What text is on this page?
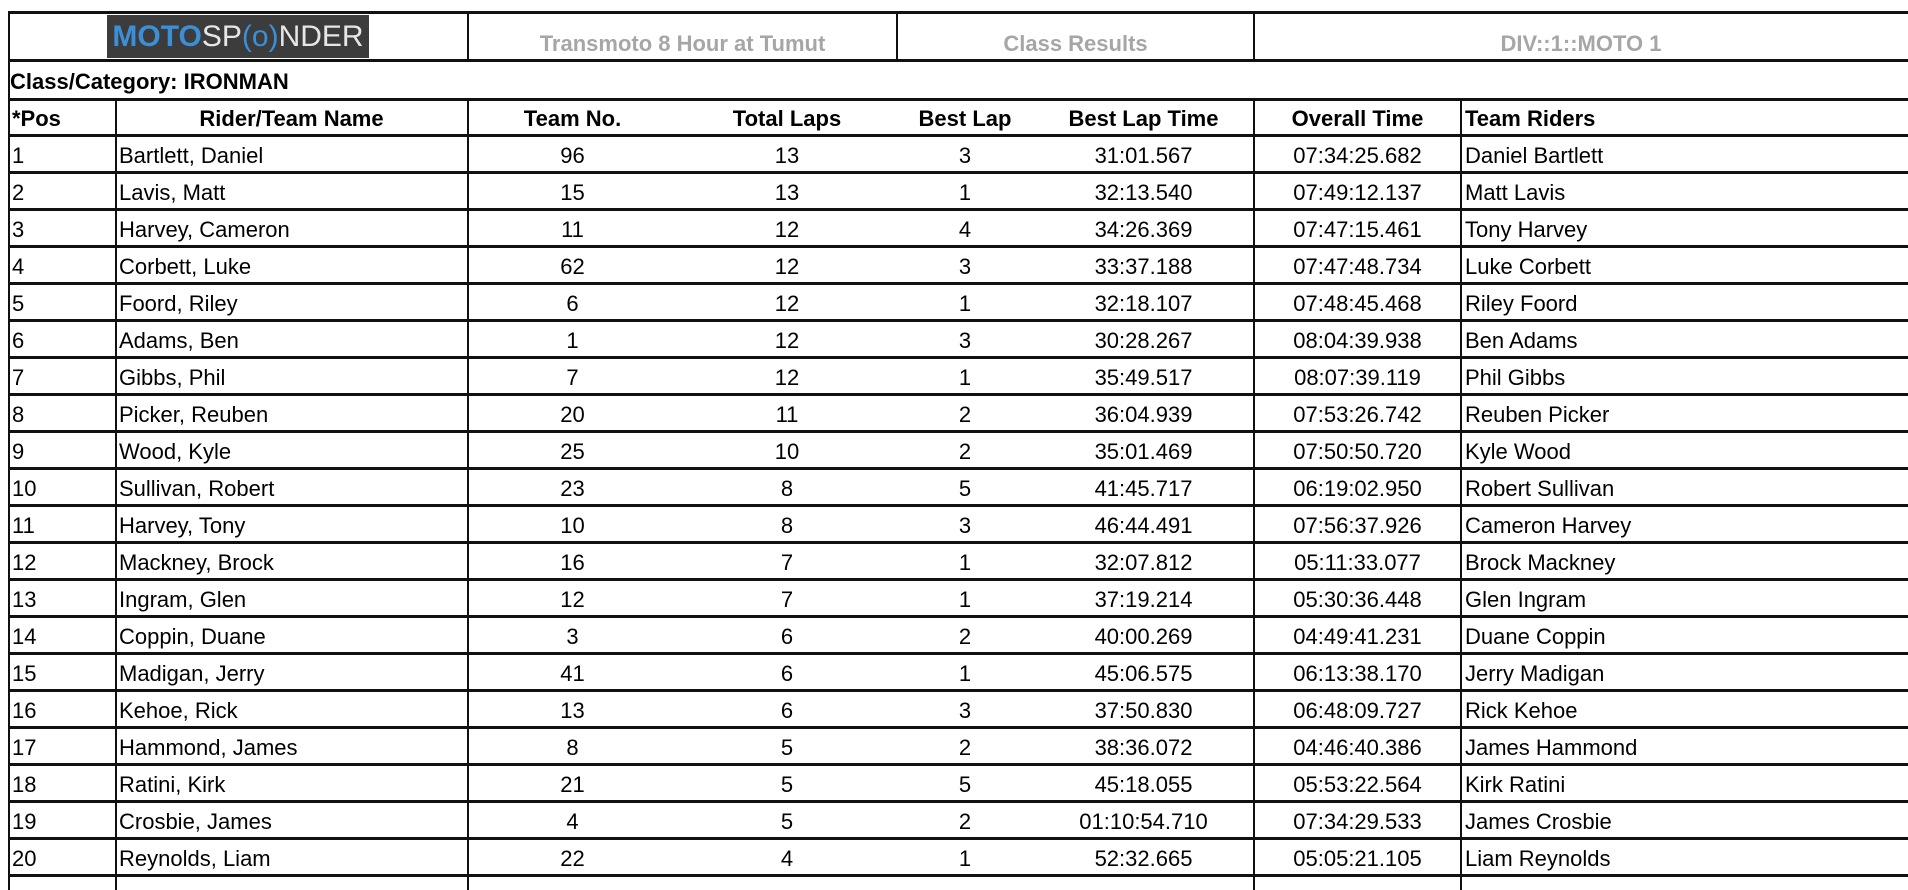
MOTO SP(o)NDER	Transmoto 8 Hour at Tumut	Class Results	DIV::1::MOTO 1
Class/Category: IRONMAN
*Pos	Rider/Team Name	Team No.	Total Laps	Best Lap	Best Lap Time	Overall Time	Team Riders
1	Bartlett, Daniel	96	13	3	31:01.567	07:34:25.682	Daniel Bartlett
2	Lavis, Matt	15	13	1	32:13.540	07:49:12.137	Matt Lavis
3	Harvey, Cameron	11	12	4	34:26.369	07:47:15.461	Tony Harvey
4	Corbett, Luke	62	12	3	33:37.188	07:47:48.734	Luke Corbett
5	Foord, Riley	6	12	1	32:18.107	07:48:45.468	Riley Foord
6	Adams, Ben	1	12	3	30:28.267	08:04:39.938	Ben Adams
7	Gibbs, Phil	7	12	1	35:49.517	08:07:39.119	Phil Gibbs
8	Picker, Reuben	20	11	2	36:04.939	07:53:26.742	Reuben Picker
9	Wood, Kyle	25	10	2	35:01.469	07:50:50.720	Kyle Wood
10	Sullivan, Robert	23	8	5	41:45.717	06:19:02.950	Robert Sullivan
11	Harvey, Tony	10	8	3	46:44.491	07:56:37.926	Cameron Harvey
12	Mackney, Brock	16	7	1	32:07.812	05:11:33.077	Brock Mackney
13	Ingram, Glen	12	7	1	37:19.214	05:30:36.448	Glen Ingram
14	Coppin, Duane	3	6	2	40:00.269	04:49:41.231	Duane Coppin
15	Madigan, Jerry	41	6	1	45:06.575	06:13:38.170	Jerry Madigan
16	Kehoe, Rick	13	6	3	37:50.830	06:48:09.727	Rick Kehoe
17	Hammond, James	8	5	2	38:36.072	04:46:40.386	James Hammond
18	Ratini, Kirk	21	5	5	45:18.055	05:53:22.564	Kirk Ratini
19	Crosbie, James	4	5	2	01:10:54.710	07:34:29.533	James Crosbie
20	Reynolds, Liam	22	4	1	52:32.665	05:05:21.105	Liam Reynolds
